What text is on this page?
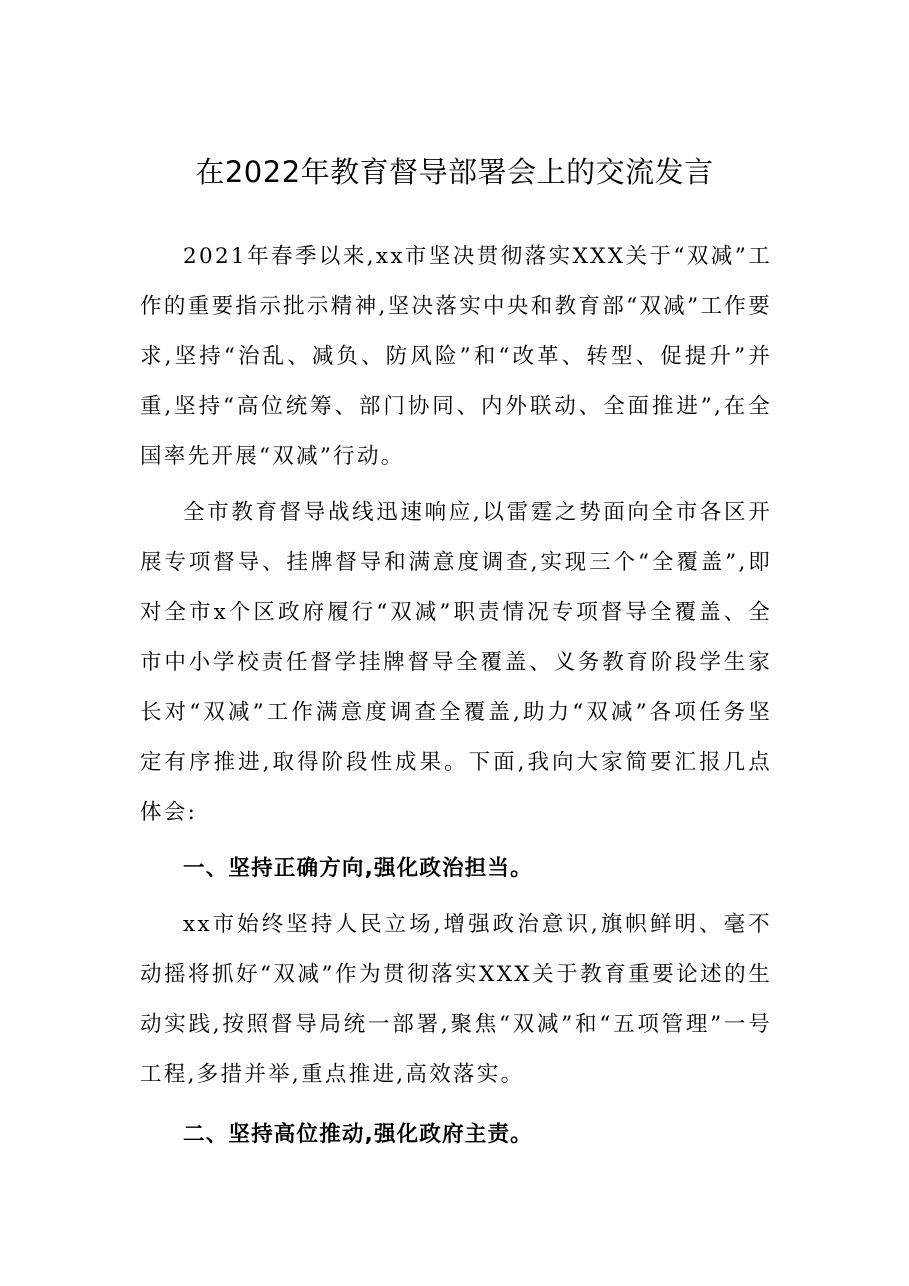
在2022年教育督导部署会上的交流发言

2021年春季以来,xx市坚决贯彻落实XXX关于“双减”工作的重要指示批示精神,坚决落实中央和教育部“双减”工作要求,坚持“治乱、减负、防风险”和“改革、转型、促提升”并重,坚持“高位统筹、部门协同、内外联动、全面推进”,在全国率先开展“双减”行动。

全市教育督导战线迅速响应,以雷霆之势面向全市各区开展专项督导、挂牌督导和满意度调查,实现三个“全覆盖”,即对全市x个区政府履行“双减”职责情况专项督导全覆盖、全市中小学校责任督学挂牌督导全覆盖、义务教育阶段学生家长对“双减”工作满意度调查全覆盖,助力“双减”各项任务坚定有序推进,取得阶段性成果。下面,我向大家简要汇报几点体会:

一、坚持正确方向,强化政治担当。

xx市始终坚持人民立场,增强政治意识,旗帜鲜明、毫不动摇将抓好“双减”作为贯彻落实XXX关于教育重要论述的生动实践,按照督导局统一部署,聚焦“双减”和“五项管理”一号工程,多措并举,重点推进,高效落实。

二、坚持高位推动,强化政府主责。
